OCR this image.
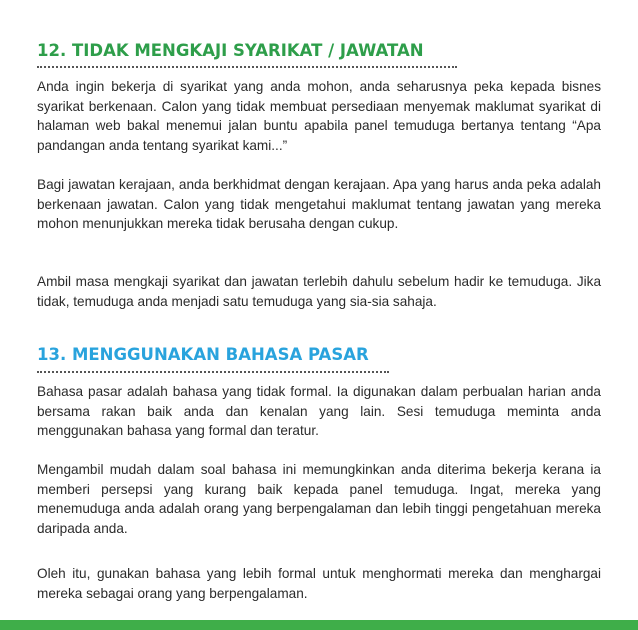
12. TIDAK MENGKAJI SYARIKAT / JAWATAN

Anda ingin bekerja di syarikat yang anda mohon, anda seharusnya peka kepada bisnes syarikat berkenaan. Calon yang tidak membuat persediaan menyemak maklumat syarikat di halaman web bakal menemui jalan buntu apabila panel temuduga bertanya tentang “Apa pandangan anda tentang syarikat kami...”

Bagi jawatan kerajaan, anda berkhidmat dengan kerajaan. Apa yang harus anda peka adalah berkenaan jawatan. Calon yang tidak mengetahui maklumat tentang jawatan yang mereka mohon menunjukkan mereka tidak berusaha dengan cukup.

Ambil masa mengkaji syarikat dan jawatan terlebih dahulu sebelum hadir ke temuduga. Jika tidak, temuduga anda menjadi satu temuduga yang sia-sia sahaja.

13. MENGGUNAKAN BAHASA PASAR

Bahasa pasar adalah bahasa yang tidak formal. Ia digunakan dalam perbualan harian anda bersama rakan baik anda dan kenalan yang lain. Sesi temuduga meminta anda menggunakan bahasa yang formal dan teratur.

Mengambil mudah dalam soal bahasa ini memungkinkan anda diterima bekerja kerana ia memberi persepsi yang kurang baik kepada panel temuduga. Ingat, mereka yang menemuduga anda adalah orang yang berpengalaman dan lebih tinggi pengetahuan mereka daripada anda.

Oleh itu, gunakan bahasa yang lebih formal untuk menghormati mereka dan menghargai mereka sebagai orang yang berpengalaman.
